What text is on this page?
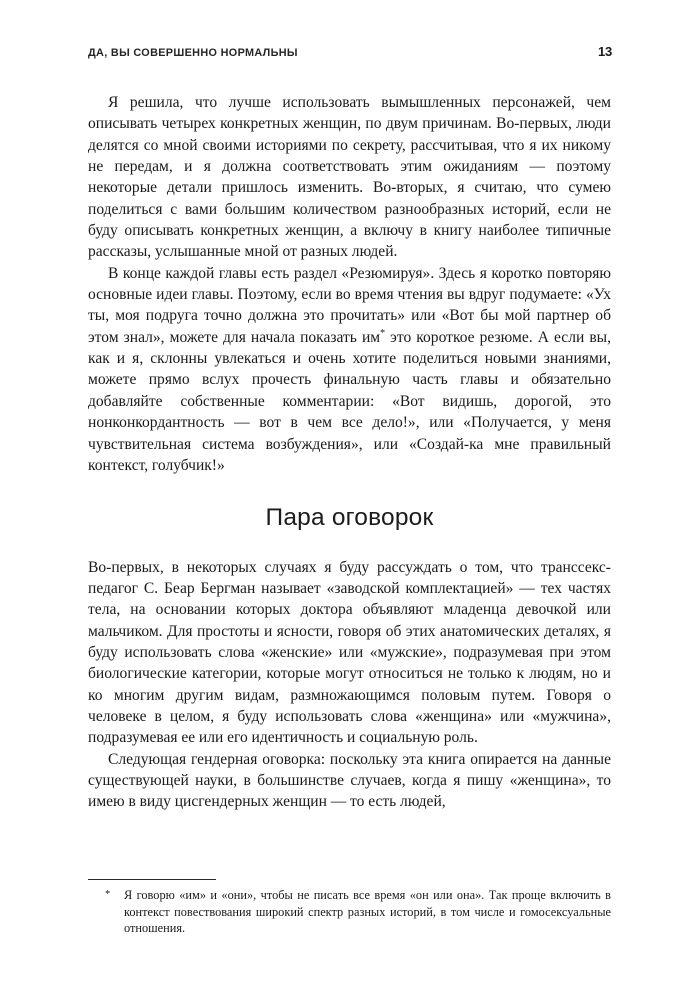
ДА, ВЫ СОВЕРШЕННО НОРМАЛЬНЫ	13

Я решила, что лучше использовать вымышленных персонажей, чем описывать четырех конкретных женщин, по двум причинам. Во-первых, люди делятся со мной своими историями по секрету, рассчитывая, что я их никому не передам, и я должна соответствовать этим ожиданиям — поэтому некоторые детали пришлось изменить. Во-вторых, я считаю, что сумею поделиться с вами большим количеством разнообразных историй, если не буду описывать конкретных женщин, а включу в книгу наиболее типичные рассказы, услышанные мной от разных людей.

В конце каждой главы есть раздел «Резюмируя». Здесь я коротко повторяю основные идеи главы. Поэтому, если во время чтения вы вдруг подумаете: «Ух ты, моя подруга точно должна это прочитать» или «Вот бы мой партнер об этом знал», можете для начала показать им* это короткое резюме. А если вы, как и я, склонны увлекаться и очень хотите поделиться новыми знаниями, можете прямо вслух прочесть финальную часть главы и обязательно добавляйте собственные комментарии: «Вот видишь, дорогой, это нонконкордантность — вот в чем все дело!», или «Получается, у меня чувствительная система возбуждения», или «Создай-ка мне правильный контекст, голубчик!»

Пара оговорок

Во-первых, в некоторых случаях я буду рассуждать о том, что транссекс-педагог С. Беар Бергман называет «заводской комплектацией» — тех частях тела, на основании которых доктора объявляют младенца девочкой или мальчиком. Для простоты и ясности, говоря об этих анатомических деталях, я буду использовать слова «женские» или «мужские», подразумевая при этом биологические категории, которые могут относиться не только к людям, но и ко многим другим видам, размножающимся половым путем. Говоря о человеке в целом, я буду использовать слова «женщина» или «мужчина», подразумевая ее или его идентичность и социальную роль.

Следующая гендерная оговорка: поскольку эта книга опирается на данные существующей науки, в большинстве случаев, когда я пишу «женщина», то имею в виду цисгендерных женщин — то есть людей,

*	Я говорю «им» и «они», чтобы не писать все время «он или она». Так проще включить в контекст повествования широкий спектр разных историй, в том числе и гомосексуальные отношения.
